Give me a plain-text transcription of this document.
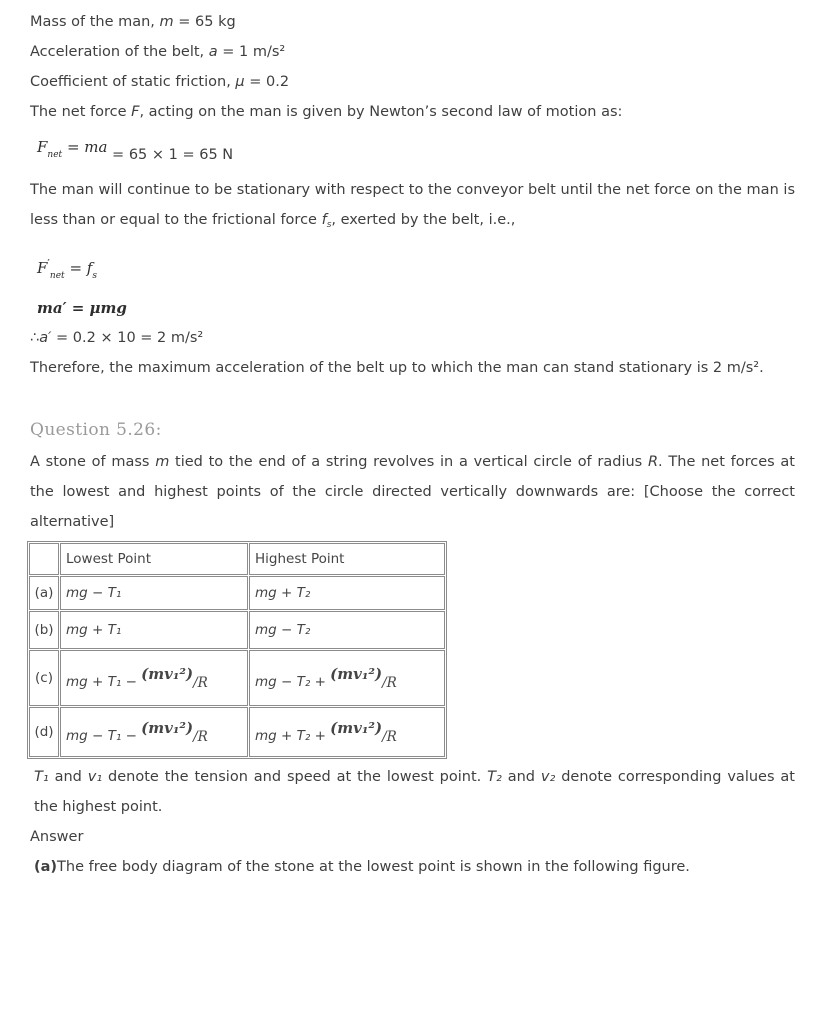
Mass of the man, m = 65 kg

Acceleration of the belt, a = 1 m/s²

Coefficient of static friction, μ = 0.2

The net force F, acting on the man is given by Newton’s second law of motion as:

$F_{net}$ = ma = 65 × 1 = 65 N

The man will continue to be stationary with respect to the conveyor belt until the net force on the man is less than or equal to the frictional force $f_s$, exerted by the belt, i.e.,

$F'_{net} = f_s$

ma′ = μmg

∴a′ = 0.2 × 10 = 2 m/s²

Therefore, the maximum acceleration of the belt up to which the man can stand stationary is 2 m/s².

Question 5.26:

A stone of mass m tied to the end of a string revolves in a vertical circle of radius R. The net forces at the lowest and highest points of the circle directed vertically downwards are: [Choose the correct alternative]

	Lowest Point	Highest Point
(a)	mg − T₁	mg + T₂
(b)	mg + T₁	mg − T₂
(c)	mg + T₁ − (mv₁²)/R	mg − T₂ + (mv₁²)/R
(d)	mg − T₁ − (mv₁²)/R	mg + T₂ + (mv₁²)/R

T₁ and v₁ denote the tension and speed at the lowest point. T₂ and v₂ denote corresponding values at the highest point.

Answer

(a)The free body diagram of the stone at the lowest point is shown in the following figure.
